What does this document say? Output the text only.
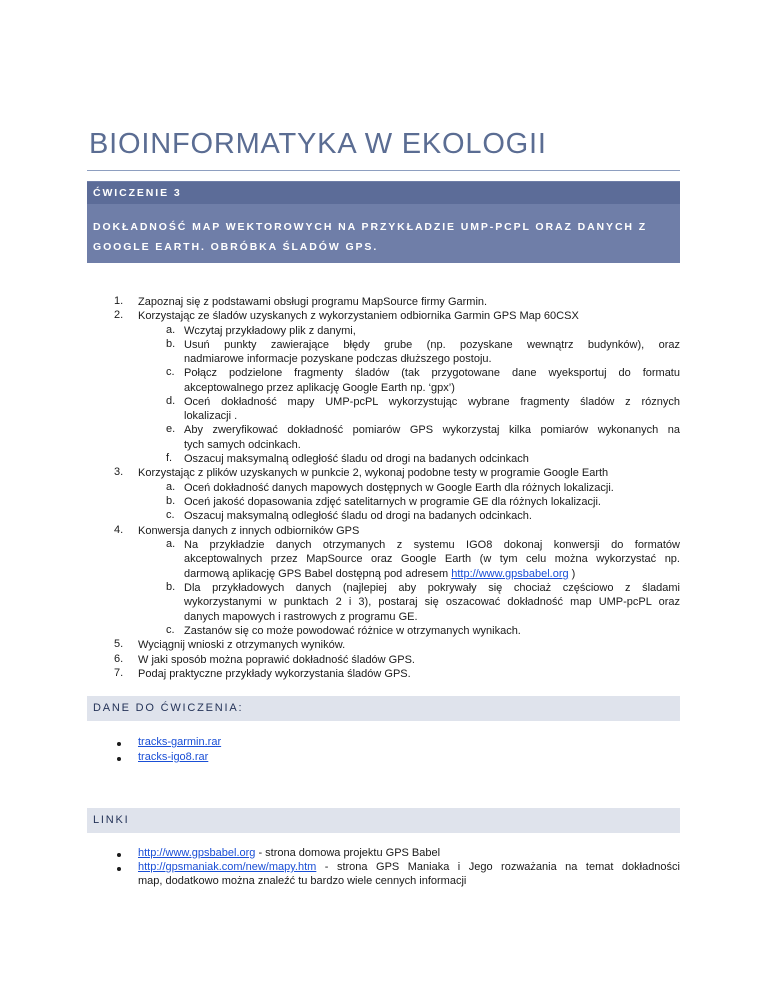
BIOINFORMATYKA W EKOLOGII
ĆWICZENIE 3
DOKŁADNOŚĆ MAP WEKTOROWYCH NA PRZYKŁADZIE UMP-PCPL ORAZ DANYCH Z
GOOGLE EARTH. OBRÓBKA ŚLADÓW GPS.
1. Zapoznaj się z podstawami obsługi programu MapSource firmy Garmin.
2. Korzystając ze śladów uzyskanych z wykorzystaniem odbiornika Garmin GPS Map 60CSX
a. Wczytaj przykładowy plik z danymi,
b. Usuń punkty zawierające błędy grube (np. pozyskane wewnątrz budynków), oraz
nadmiarowe informacje pozyskane podczas dłuższego postoju.
c. Połącz podzielone fragmenty śladów (tak przygotowane dane wyeksportuj do formatu
akceptowalnego przez aplikację Google Earth np. ‘gpx’)
d. Oceń dokładność mapy UMP-pcPL wykorzystując wybrane fragmenty śladów z róznych
lokalizacji .
e. Aby zweryfikować dokładność pomiarów GPS wykorzystaj kilka pomiarów wykonanych na
tych samych odcinkach.
f. Oszacuj maksymalną odległość śladu od drogi na badanych odcinkach
3. Korzystając z plików uzyskanych w punkcie 2, wykonaj podobne testy w programie Google Earth
a. Oceń dokładność danych mapowych dostępnych w Google Earth dla różnych lokalizacji.
b. Oceń jakość dopasowania zdjęć satelitarnych w programie GE dla różnych lokalizacji.
c. Oszacuj maksymalną odległość śladu od drogi na badanych odcinkach.
4. Konwersja danych z innych odbiorników GPS
a. Na przykładzie danych otrzymanych z systemu IGO8 dokonaj konwersji do formatów
akceptowalnych przez MapSource oraz Google Earth (w tym celu można wykorzystać np.
darmową aplikację GPS Babel dostępną pod adresem http://www.gpsbabel.org )
b. Dla przykładowych danych (najlepiej aby pokrywały się chociaż częściowo z śladami
wykorzystanymi w punktach 2 i 3), postaraj się oszacować dokładność map UMP-pcPL oraz
danych mapowych i rastrowych z programu GE.
c. Zastanów się co może powodować różnice w otrzymanych wynikach.
5. Wyciągnij wnioski z otrzymanych wyników.
6. W jaki sposób można poprawić dokładność śladów GPS.
7. Podaj praktyczne przykłady wykorzystania śladów GPS.
DANE DO ĆWICZENIA:
tracks-garmin.rar
tracks-igo8.rar
LINKI
http://www.gpsbabel.org - strona domowa projektu GPS Babel
http://gpsmaniak.com/new/mapy.htm - strona GPS Maniaka i Jego rozważania na temat dokładności
map, dodatkowo można znaleźć tu bardzo wiele cennych informacji
